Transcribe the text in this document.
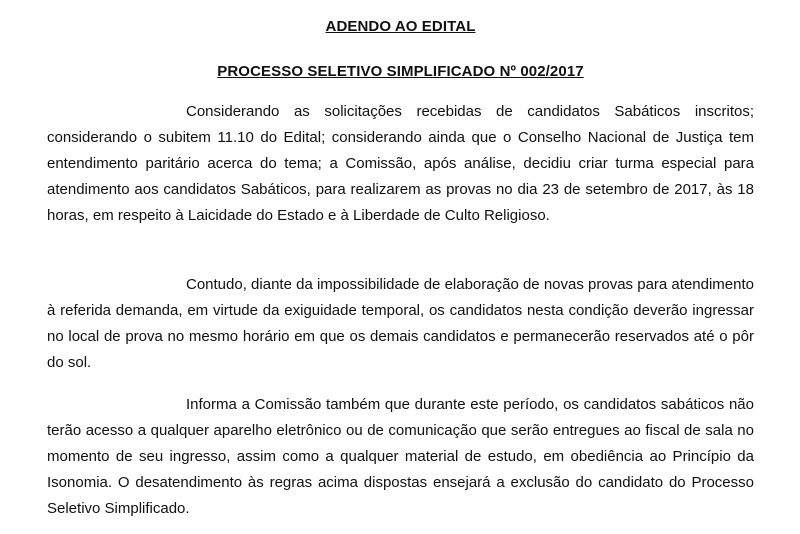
ADENDO AO EDITAL
PROCESSO SELETIVO SIMPLIFICADO Nº 002/2017

Considerando as solicitações recebidas de candidatos Sabáticos inscritos; considerando o subitem 11.10 do Edital; considerando ainda que o Conselho Nacional de Justiça tem entendimento paritário acerca do tema; a Comissão, após análise, decidiu criar turma especial para atendimento aos candidatos Sabáticos, para realizarem as provas no dia 23 de setembro de 2017, às 18 horas, em respeito à Laicidade do Estado e à Liberdade de Culto Religioso.

Contudo, diante da impossibilidade de elaboração de novas provas para atendimento à referida demanda, em virtude da exiguidade temporal, os candidatos nesta condição deverão ingressar no local de prova no mesmo horário em que os demais candidatos e permanecerão reservados até o pôr do sol.

Informa a Comissão também que durante este período, os candidatos sabáticos não terão acesso a qualquer aparelho eletrônico ou de comunicação que serão entregues ao fiscal de sala no momento de seu ingresso, assim como a qualquer material de estudo, em obediência ao Princípio da Isonomia. O desatendimento às regras acima dispostas ensejará a exclusão do candidato do Processo Seletivo Simplificado.
